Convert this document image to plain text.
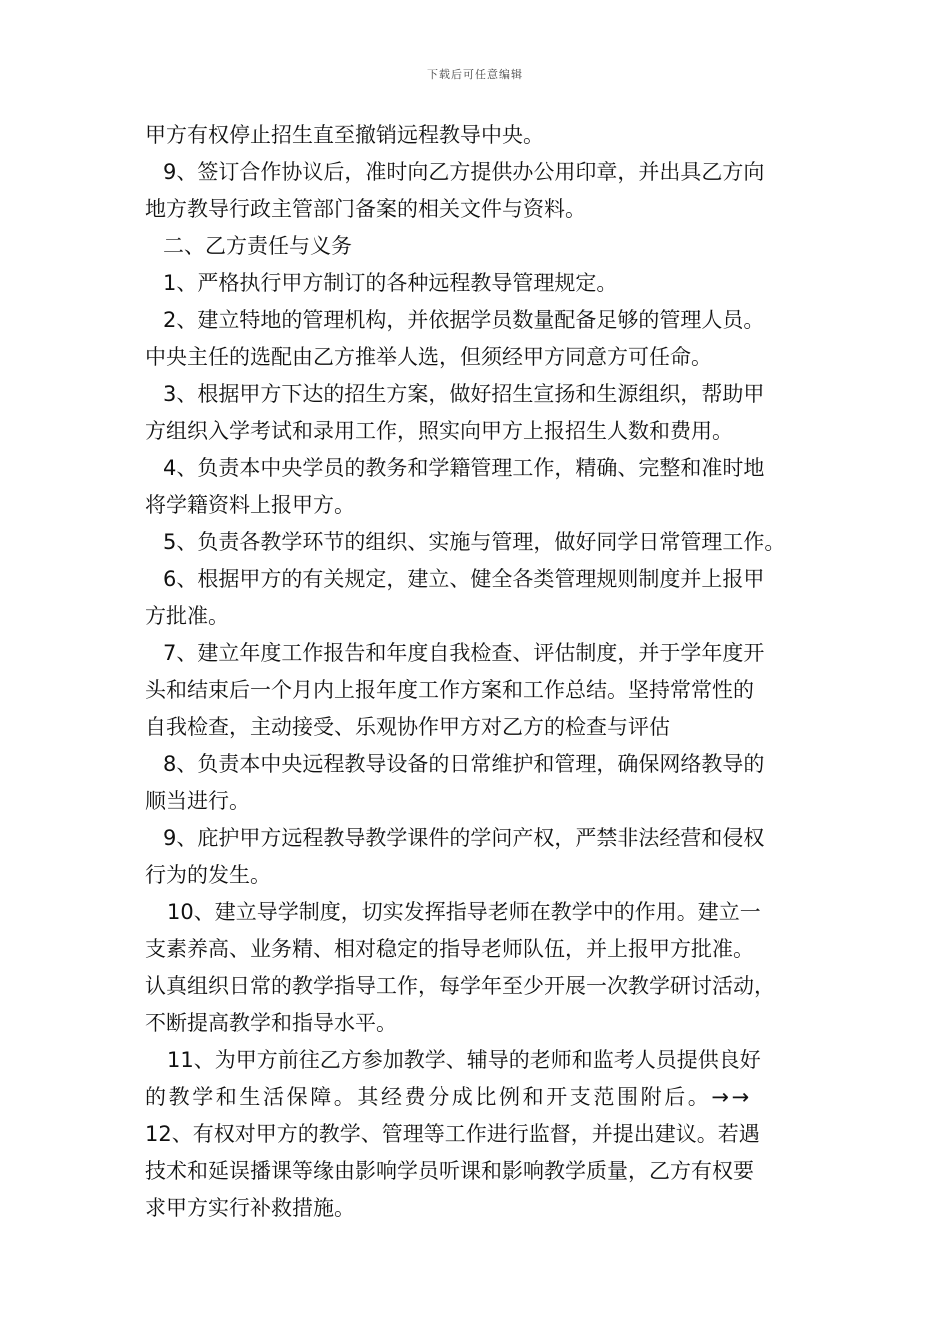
下载后可任意编辑
甲方有权停止招生直至撤销远程教导中央。
9、签订合作协议后，准时向乙方提供办公用印章，并出具乙方向
地方教导行政主管部门备案的相关文件与资料。
二、乙方责任与义务
1、严格执行甲方制订的各种远程教导管理规定。
2、建立特地的管理机构，并依据学员数量配备足够的管理人员。
中央主任的选配由乙方推举人选，但须经甲方同意方可任命。
3、根据甲方下达的招生方案，做好招生宣扬和生源组织，帮助甲
方组织入学考试和录用工作，照实向甲方上报招生人数和费用。
4、负责本中央学员的教务和学籍管理工作，精确、完整和准时地
将学籍资料上报甲方。
5、负责各教学环节的组织、实施与管理，做好同学日常管理工作。
6、根据甲方的有关规定，建立、健全各类管理规则制度并上报甲
方批准。
7、建立年度工作报告和年度自我检查、评估制度，并于学年度开
头和结束后一个月内上报年度工作方案和工作总结。坚持常常性的
自我检查，主动接受、乐观协作甲方对乙方的检查与评估
8、负责本中央远程教导设备的日常维护和管理，确保网络教导的
顺当进行。
9、庇护甲方远程教导教学课件的学问产权，严禁非法经营和侵权
行为的发生。
10、建立导学制度，切实发挥指导老师在教学中的作用。建立一
支素养高、业务精、相对稳定的指导老师队伍，并上报甲方批准。
认真组织日常的教学指导工作，每学年至少开展一次教学研讨活动，
不断提高教学和指导水平。
11、为甲方前往乙方参加教学、辅导的老师和监考人员提供良好
的教学和生活保障。其经费分成比例和开支范围附后。→→
12、有权对甲方的教学、管理等工作进行监督，并提出建议。若遇
技术和延误播课等缘由影响学员听课和影响教学质量，乙方有权要
求甲方实行补救措施。
